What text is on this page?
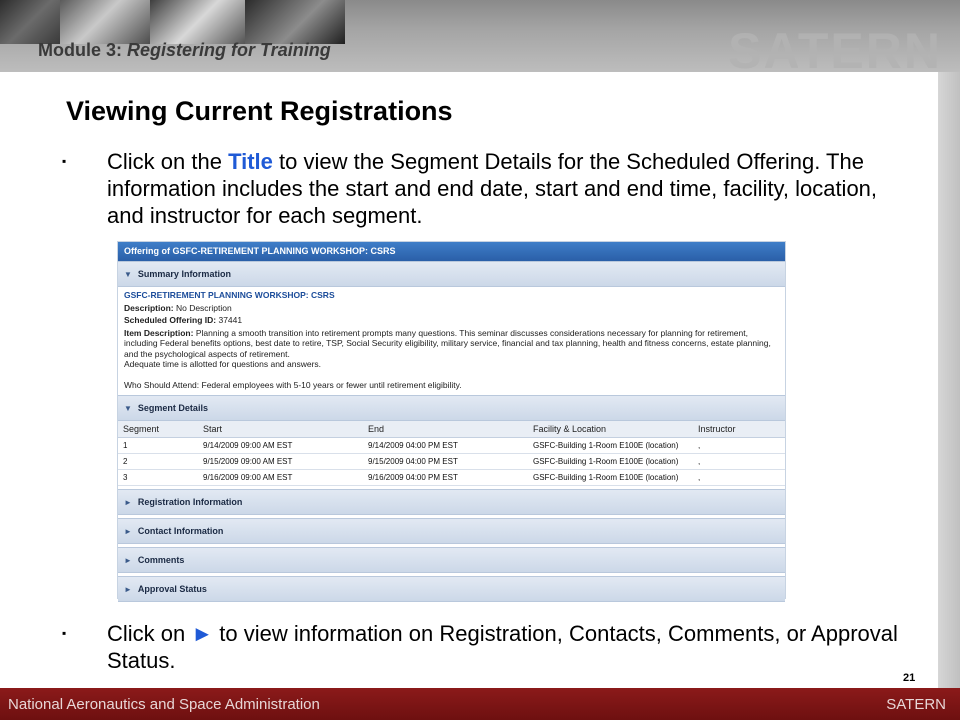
Module 3: Registering for Training	SATERN
Viewing Current Registrations
▪ Click on the Title to view the Segment Details for the Scheduled Offering. The information includes the start and end date, start and end time, facility, location, and instructor for each segment.
Offering of GSFC-RETIREMENT PLANNING WORKSHOP: CSRS
▼ Summary Information
GSFC-RETIREMENT PLANNING WORKSHOP: CSRS

Description: No Description

Scheduled Offering ID: 37441

Item Description: Planning a smooth transition into retirement prompts many questions. This seminar discusses considerations necessary for planning for retirement, including Federal benefits options, best date to retire, TSP, Social Security eligibility, military service, financial and tax planning, health and fitness concerns, estate planning, and the psychological aspects of retirement.
Adequate time is allotted for questions and answers.

Who Should Attend: Federal employees with 5-10 years or fewer until retirement eligibility.

▼ Segment Details
Segment	Start	End	Facility & Location	Instructor
1	9/14/2009 09:00 AM EST	9/14/2009 04:00 PM EST	GSFC-Building 1-Room E100E (location)	,
2	9/15/2009 09:00 AM EST	9/15/2009 04:00 PM EST	GSFC-Building 1-Room E100E (location)	,
3	9/16/2009 09:00 AM EST	9/16/2009 04:00 PM EST	GSFC-Building 1-Room E100E (location)	,
► Registration Information
► Contact Information
► Comments
► Approval Status
▪ Click on ► to view information on Registration, Contacts, Comments, or Approval Status.
21
National Aeronautics and Space Administration	SATERN
